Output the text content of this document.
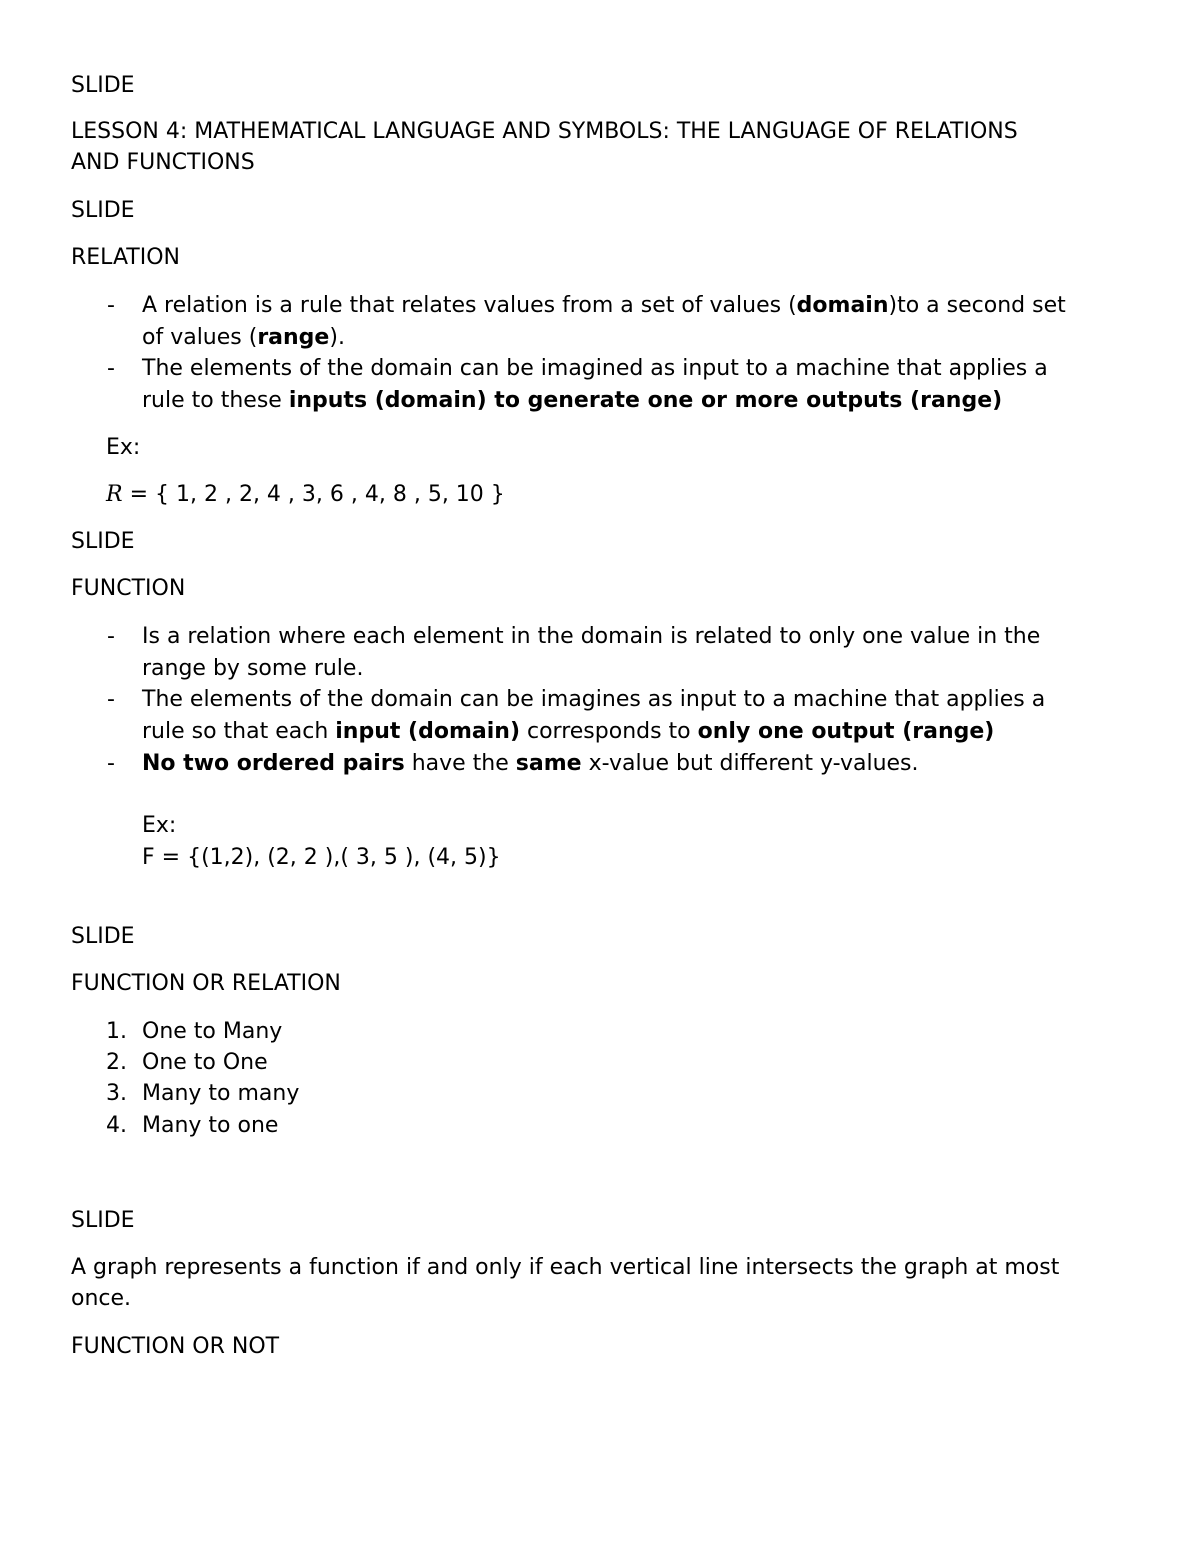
SLIDE
LESSON 4: MATHEMATICAL LANGUAGE AND SYMBOLS: THE LANGUAGE OF RELATIONS
AND FUNCTIONS
SLIDE
RELATION
- A relation is a rule that relates values from a set of values (domain)to a second set
of values (range).
- The elements of the domain can be imagined as input to a machine that applies a
rule to these inputs (domain) to generate one or more outputs (range)
Ex:
R = { 1, 2 , 2, 4 , 3, 6 , 4, 8 , 5, 10 }
SLIDE
FUNCTION
- Is a relation where each element in the domain is related to only one value in the
range by some rule.
- The elements of the domain can be imagines as input to a machine that applies a
rule so that each input (domain) corresponds to only one output (range)
- No two ordered pairs have the same x-value but different y-values.
Ex:
F = {(1,2), (2, 2 ),( 3, 5 ), (4, 5)}
SLIDE
FUNCTION OR RELATION
1. One to Many
2. One to One
3. Many to many
4. Many to one
SLIDE
A graph represents a function if and only if each vertical line intersects the graph at most
once.
FUNCTION OR NOT
